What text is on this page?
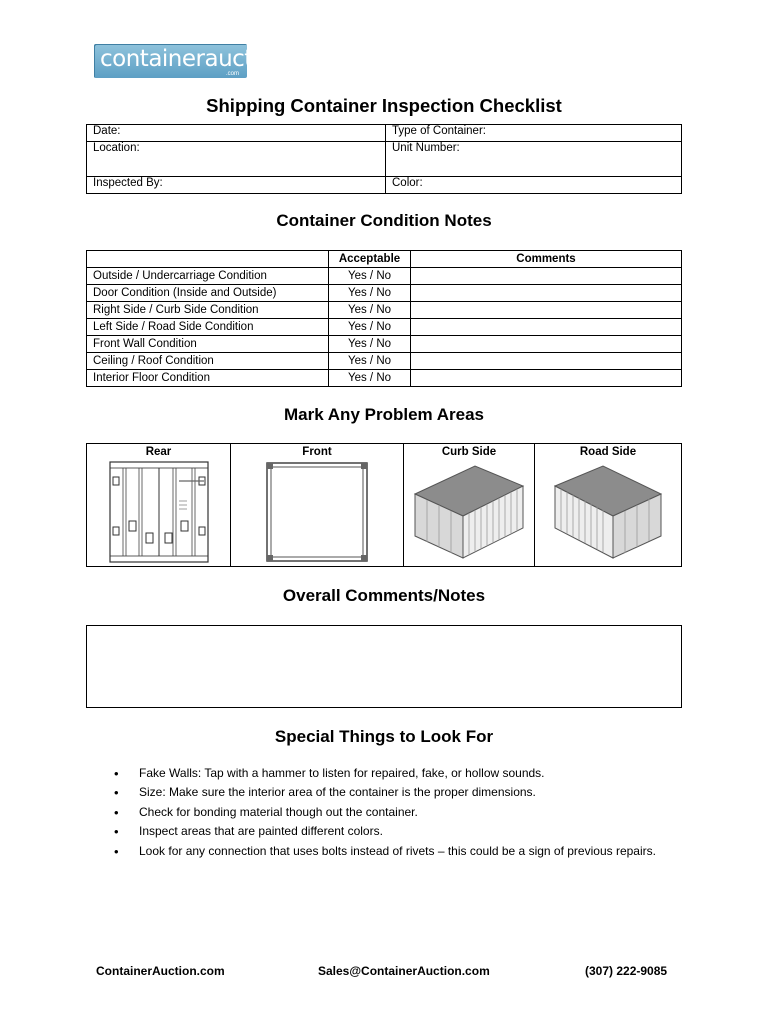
containerauction
.com
Shipping Container Inspection Checklist
Date:	Type of Container:
Location:	Unit Number:
Inspected By:	Color:
Container Condition Notes
	Acceptable	Comments
Outside / Undercarriage Condition	Yes / No	
Door Condition (Inside and Outside)	Yes / No	
Right Side / Curb Side Condition	Yes / No	
Left Side / Road Side Condition	Yes / No	
Front Wall Condition	Yes / No	
Ceiling / Roof Condition	Yes / No	
Interior Floor Condition	Yes / No	
Mark Any Problem Areas
Rear	Front	Curb Side	Road Side

Overall Comments/Notes
Special Things to Look For
• Fake Walls: Tap with a hammer to listen for repaired, fake, or hollow sounds.
• Size: Make sure the interior area of the container is the proper dimensions.
• Check for bonding material though out the container.
• Inspect areas that are painted different colors.
• Look for any connection that uses bolts instead of rivets – this could be a sign of previous repairs.
ContainerAuction.com	Sales@ContainerAuction.com	(307) 222-9085
